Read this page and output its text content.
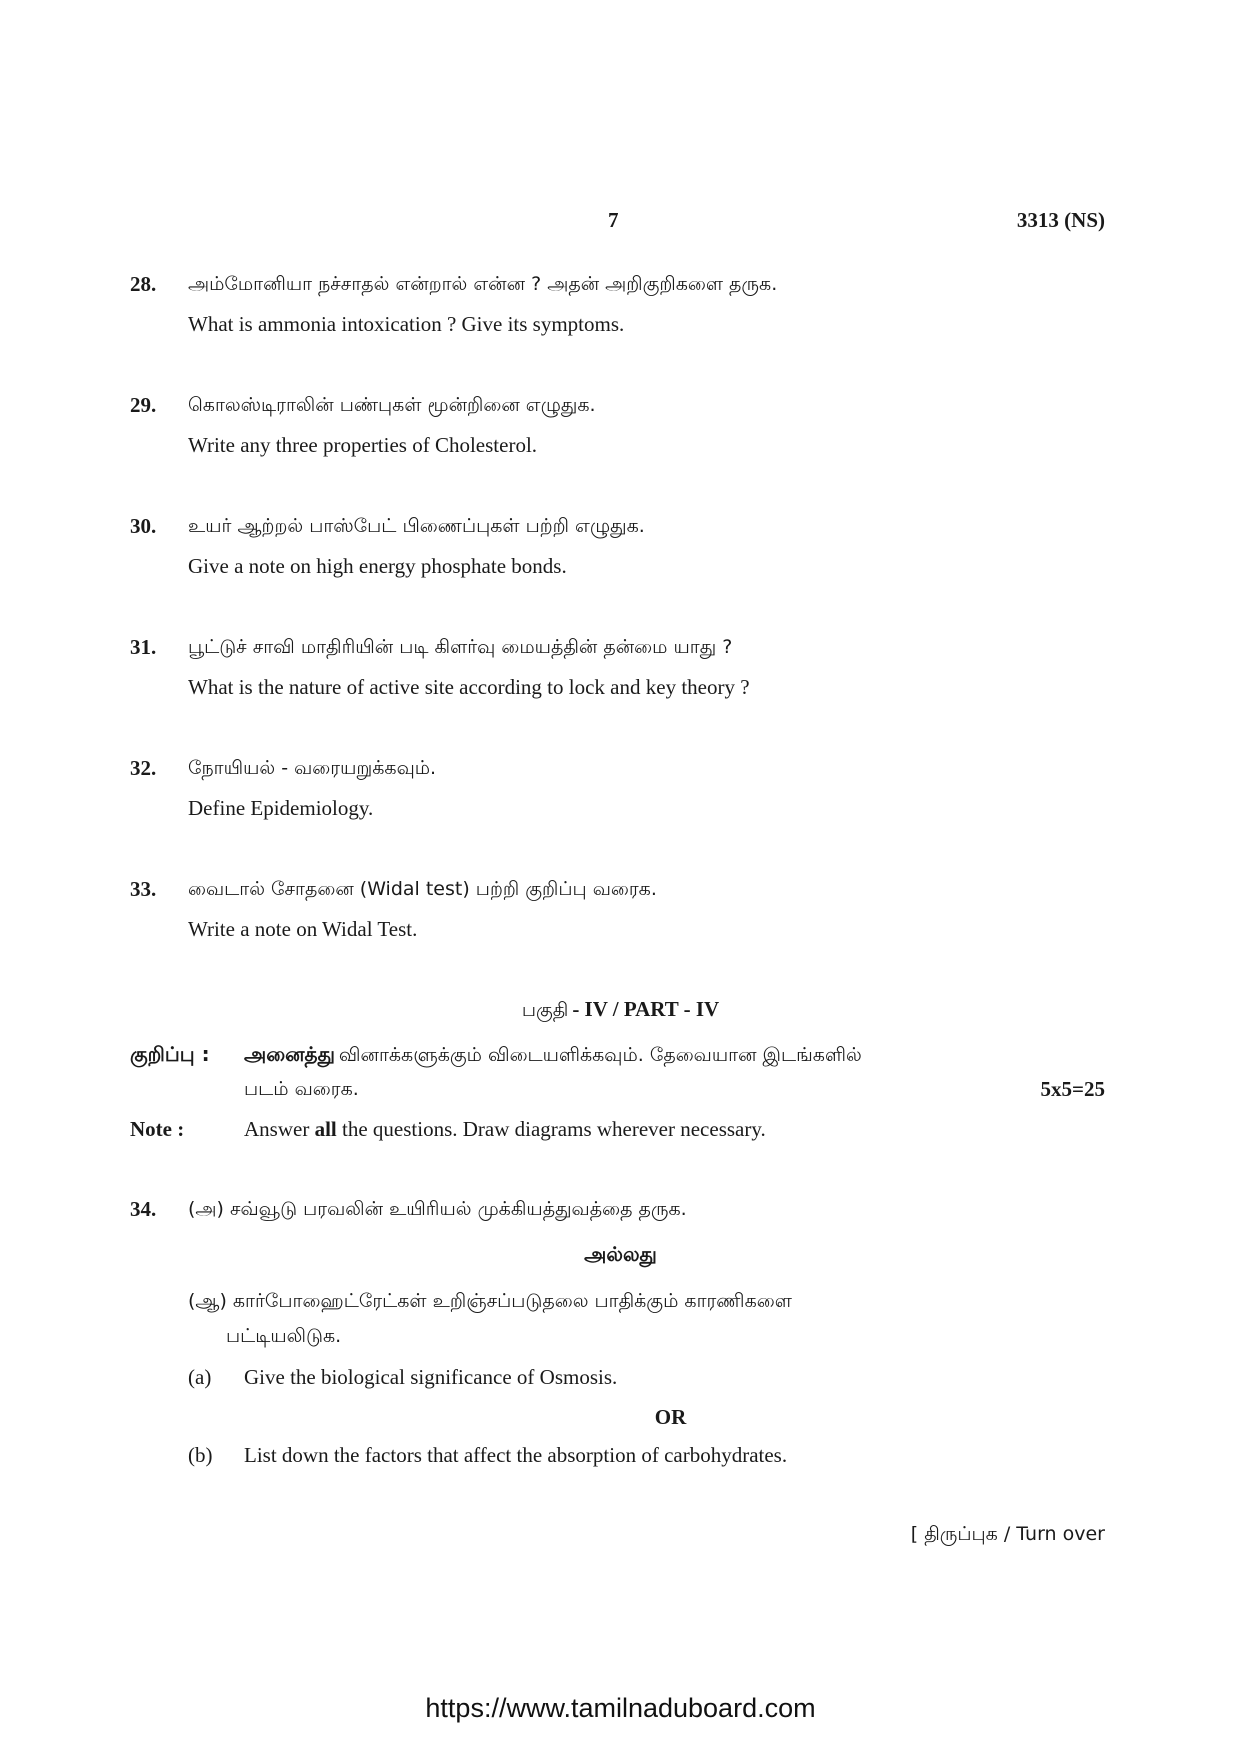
7	3313 (NS)
28. அம்மோனியா நச்சாதல் என்றால் என்ன ? அதன் அறிகுறிகளை தருக.
What is ammonia intoxication ? Give its symptoms.
29. கொலஸ்டிராலின் பண்புகள் மூன்றினை எழுதுக.
Write any three properties of Cholesterol.
30. உயர் ஆற்றல் பாஸ்பேட் பிணைப்புகள் பற்றி எழுதுக.
Give a note on high energy phosphate bonds.
31. பூட்டுச் சாவி மாதிரியின் படி கிளர்வு மையத்தின் தன்மை யாது ?
What is the nature of active site according to lock and key theory ?
32. நோயியல் - வரையறுக்கவும்.
Define Epidemiology.
33. வைடால் சோதனை (Widal test) பற்றி குறிப்பு வரைக.
Write a note on Widal Test.
பகுதி - IV / PART - IV
குறிப்பு : அனைத்து வினாக்களுக்கும் விடையளிக்கவும். தேவையான இடங்களில்
படம் வரைக.	5x5=25
Note :	Answer all the questions. Draw diagrams wherever necessary.
34. (அ) சவ்வூடு பரவலின் உயிரியல் முக்கியத்துவத்தை தருக.
அல்லது
(ஆ) கார்போஹைட்ரேட்கள் உறிஞ்சப்படுதலை பாதிக்கும் காரணிகளை
பட்டியலிடுக.
(a) Give the biological significance of Osmosis.
OR
(b) List down the factors that affect the absorption of carbohydrates.
[ திருப்புக / Turn over
https://www.tamilnaduboard.com
